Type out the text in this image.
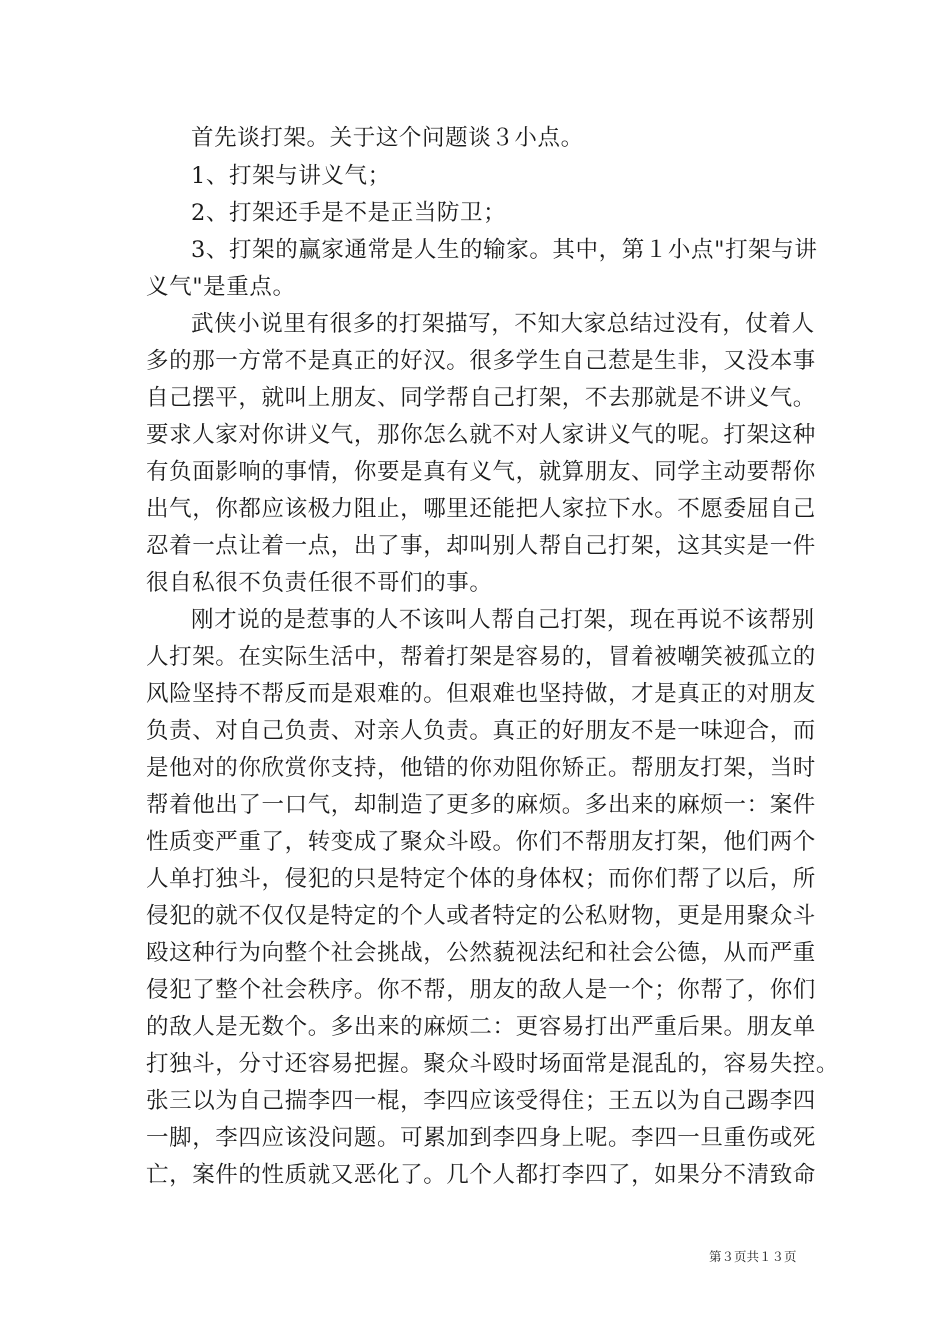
首先谈打架。关于这个问题谈３小点。
1、打架与讲义气；
2、打架还手是不是正当防卫；
3、打架的赢家通常是人生的输家。其中，第１小点"打架与讲
义气"是重点。
武侠小说里有很多的打架描写，不知大家总结过没有，仗着人
多的那一方常不是真正的好汉。很多学生自己惹是生非，又没本事
自己摆平，就叫上朋友、同学帮自己打架，不去那就是不讲义气。
要求人家对你讲义气，那你怎么就不对人家讲义气的呢。打架这种
有负面影响的事情，你要是真有义气，就算朋友、同学主动要帮你
出气，你都应该极力阻止，哪里还能把人家拉下水。不愿委屈自己
忍着一点让着一点，出了事，却叫别人帮自己打架，这其实是一件
很自私很不负责任很不哥们的事。
刚才说的是惹事的人不该叫人帮自己打架，现在再说不该帮别
人打架。在实际生活中，帮着打架是容易的，冒着被嘲笑被孤立的
风险坚持不帮反而是艰难的。但艰难也坚持做，才是真正的对朋友
负责、对自己负责、对亲人负责。真正的好朋友不是一味迎合，而
是他对的你欣赏你支持，他错的你劝阻你矫正。帮朋友打架，当时
帮着他出了一口气，却制造了更多的麻烦。多出来的麻烦一：案件
性质变严重了，转变成了聚众斗殴。你们不帮朋友打架，他们两个
人单打独斗，侵犯的只是特定个体的身体权；而你们帮了以后，所
侵犯的就不仅仅是特定的个人或者特定的公私财物，更是用聚众斗
殴这种行为向整个社会挑战，公然藐视法纪和社会公德，从而严重
侵犯了整个社会秩序。你不帮，朋友的敌人是一个；你帮了，你们
的敌人是无数个。多出来的麻烦二：更容易打出严重后果。朋友单
打独斗，分寸还容易把握。聚众斗殴时场面常是混乱的，容易失控。
张三以为自己揣李四一棍，李四应该受得住；王五以为自己踢李四
一脚，李四应该没问题。可累加到李四身上呢。李四一旦重伤或死
亡，案件的性质就又恶化了。几个人都打李四了，如果分不清致命
第３页共１３页
